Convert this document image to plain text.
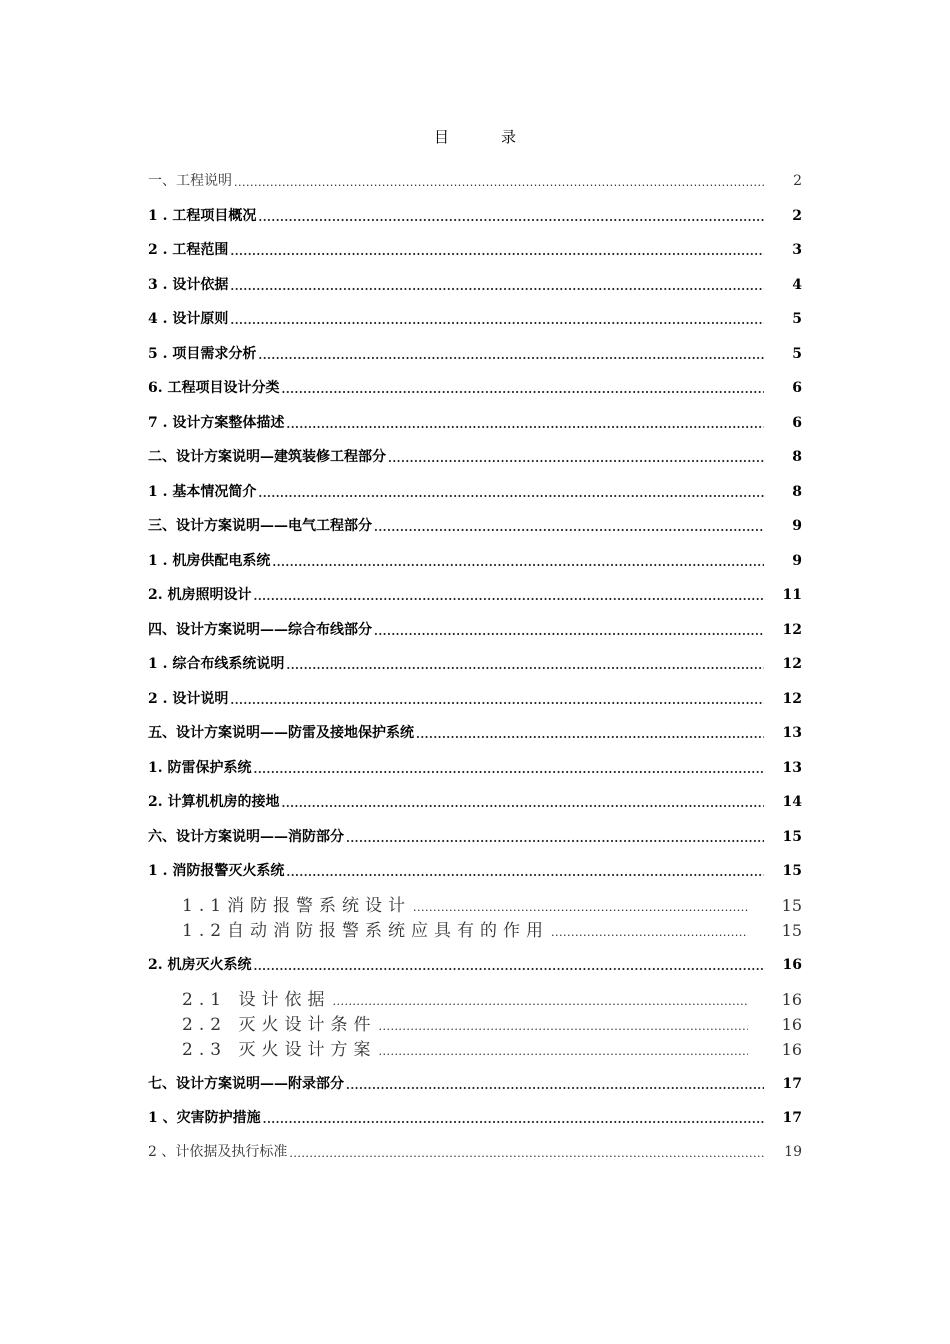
目	录
一、工程说明 .....	2
1 . 工程项目概况 .....	2
2 . 工程范围 .....	3
3 . 设计依据 .....	4
4 . 设计原则 .....	5
5 . 项目需求分析 .....	5
6. 工程项目设计分类 .....	6
7 . 设计方案整体描述 .....	6
二、设计方案说明—建筑装修工程部分 .....	8
1 . 基本情况简介 .....	8
三、设计方案说明——电气工程部分 .....	9
1 . 机房供配电系统 .....	9
2. 机房照明设计 .....	11
四、设计方案说明——综合布线部分 .....	12
1 . 综合布线系统说明 .....	12
2 . 设计说明 .....	12
五、设计方案说明——防雷及接地保护系统 .....	13
1. 防雷保护系统 .....	13
2. 计算机机房的接地 .....	14
六、设计方案说明——消防部分 .....	15
1 . 消防报警灭火系统 .....	15
1.1消防报警系统设计 .....	15
1.2自动消防报警系统应具有的作用 .....	15
2. 机房灭火系统 .....	16
2.1 设计依据 .....	16
2.2 灭火设计条件 .....	16
2.3 灭火设计方案 .....	16
七、设计方案说明——附录部分 .....	17
1 、灾害防护措施 .....	17
2 、计依据及执行标准 .....	19
